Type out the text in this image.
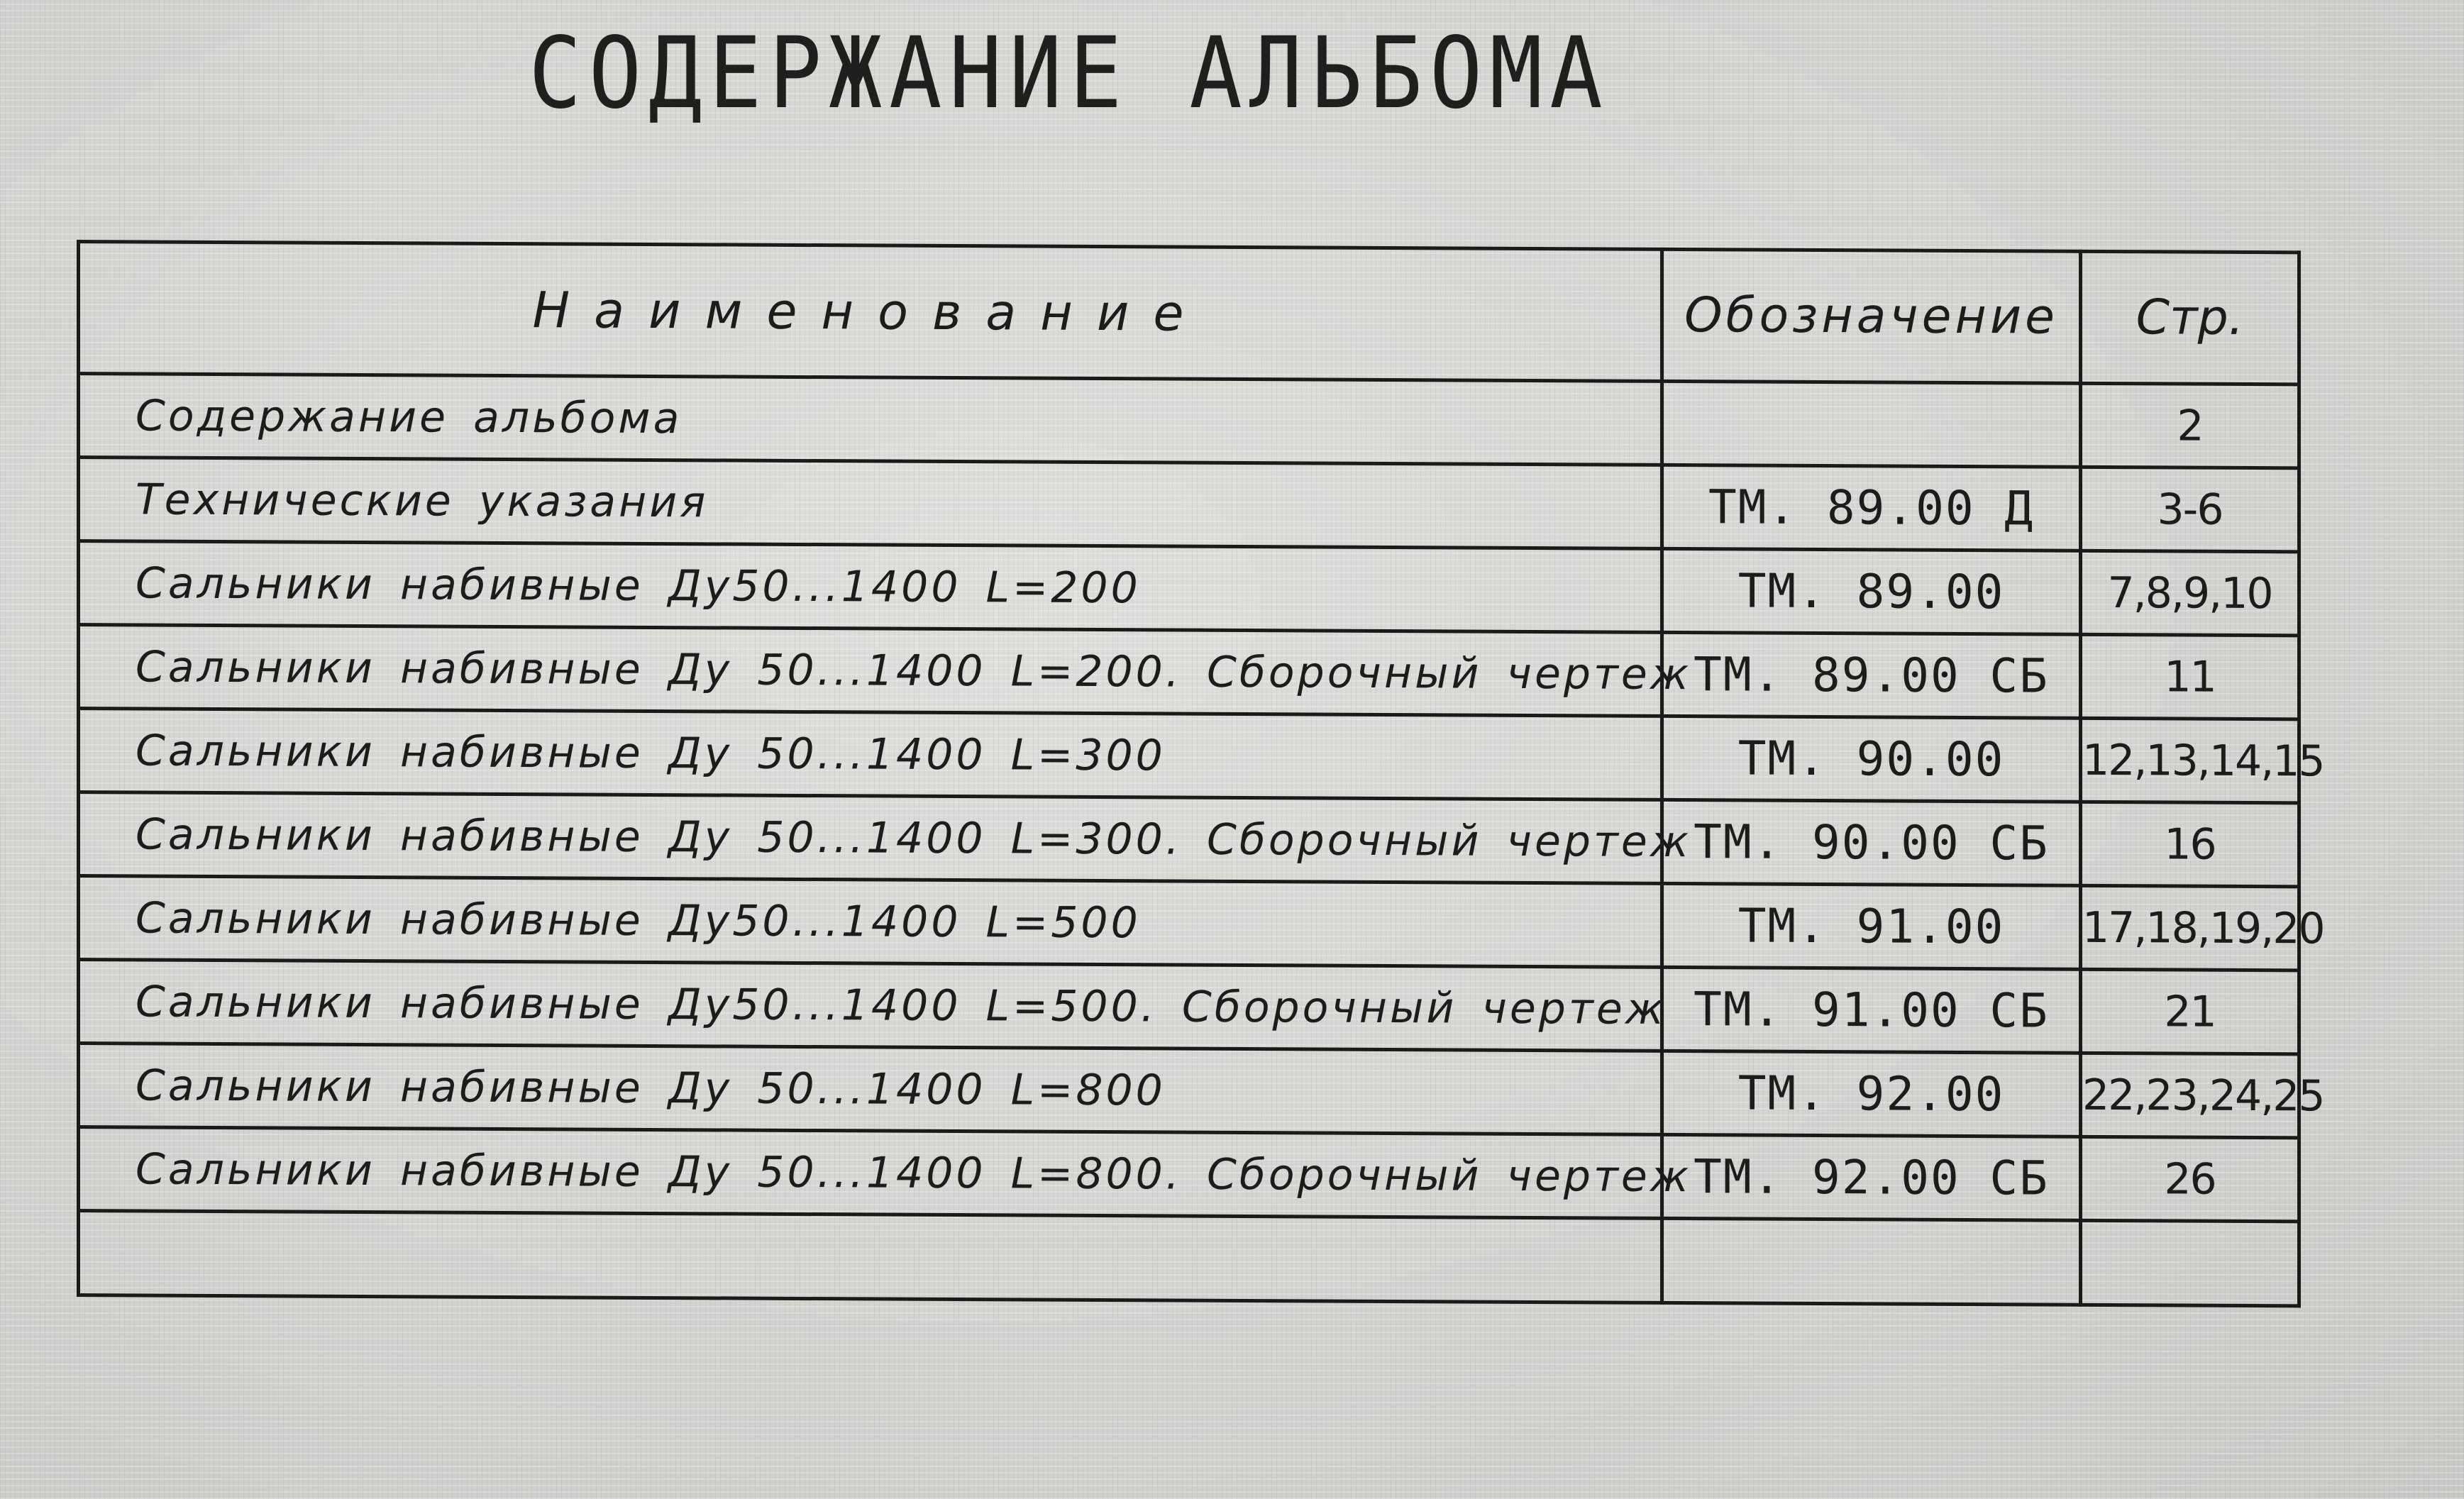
СОДЕРЖАНИЕ АЛЬБОМА
Наименование	Обозначение	Стр.
Содержание альбома		2
Технические указания	ТМ. 89.00 Д	3-6
Сальники набивные Ду50...1400 L=200	ТМ. 89.00	7,8,9,10
Сальники набивные Ду 50...1400 L=200. Сборочный чертеж	ТМ. 89.00 СБ	11
Сальники набивные Ду 50...1400 L=300	ТМ. 90.00	12,13,14,15
Сальники набивные Ду 50...1400 L=300. Сборочный чертеж	ТМ. 90.00 СБ	16
Сальники набивные Ду50...1400 L=500	ТМ. 91.00	17,18,19,20
Сальники набивные Ду50...1400 L=500. Сборочный чертеж	ТМ. 91.00 СБ	21
Сальники набивные Ду 50...1400 L=800	ТМ. 92.00	22,23,24,25
Сальники набивные Ду 50...1400 L=800. Сборочный чертеж	ТМ. 92.00 СБ	26
